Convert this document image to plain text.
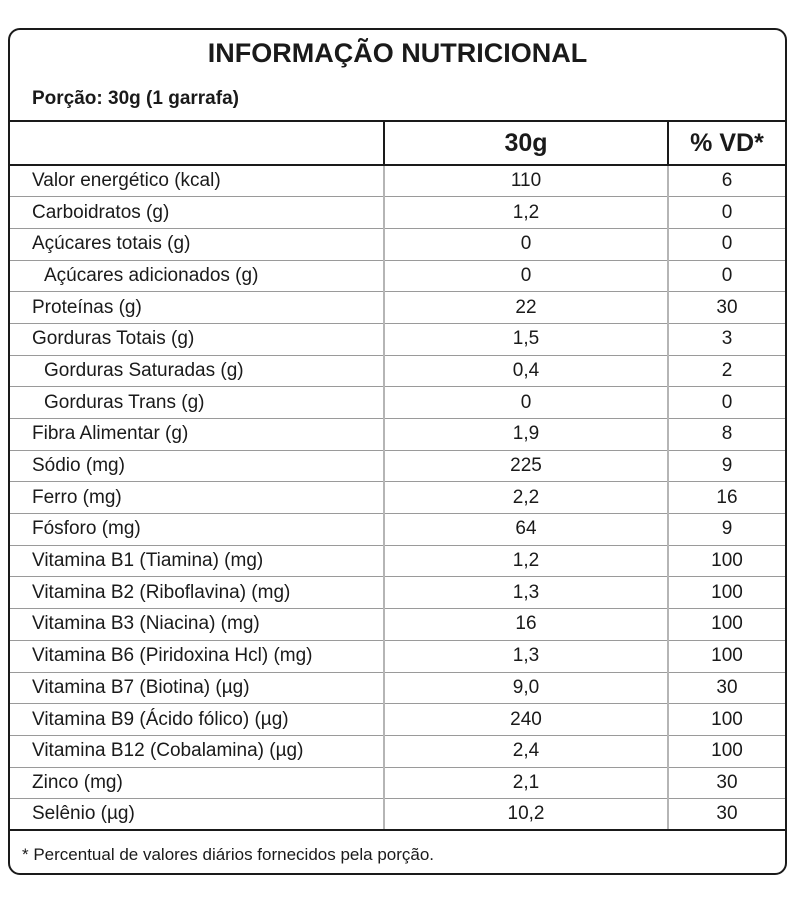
INFORMAÇÃO NUTRICIONAL
Porção: 30g (1 garrafa)
	30g	% VD*
Valor energético (kcal)	110	6
Carboidratos (g)	1,2	0
Açúcares totais (g)	0	0
Açúcares adicionados (g)	0	0
Proteínas (g)	22	30
Gorduras Totais (g)	1,5	3
Gorduras Saturadas (g)	0,4	2
Gorduras Trans (g)	0	0
Fibra Alimentar (g)	1,9	8
Sódio (mg)	225	9
Ferro (mg)	2,2	16
Fósforo (mg)	64	9
Vitamina B1 (Tiamina) (mg)	1,2	100
Vitamina B2 (Riboflavina) (mg)	1,3	100
Vitamina B3 (Niacina) (mg)	16	100
Vitamina B6 (Piridoxina Hcl) (mg)	1,3	100
Vitamina B7 (Biotina) (µg)	9,0	30
Vitamina B9 (Ácido fólico) (µg)	240	100
Vitamina B12 (Cobalamina) (µg)	2,4	100
Zinco (mg)	2,1	30
Selênio (µg)	10,2	30
* Percentual de valores diários fornecidos pela porção.
